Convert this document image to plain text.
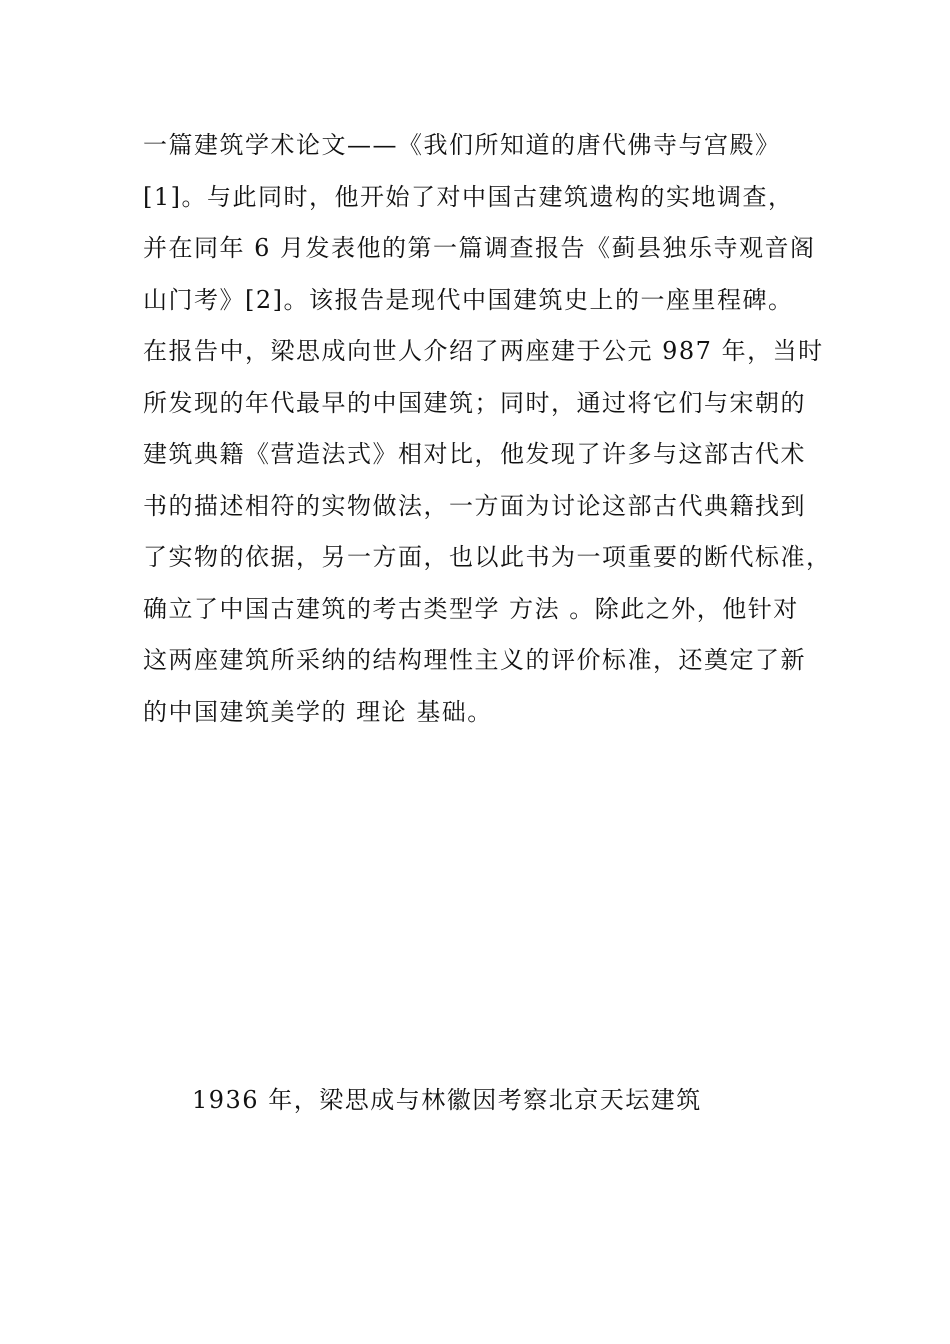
一篇建筑学术论文——《我们所知道的唐代佛寺与宫殿》
[1]。与此同时，他开始了对中国古建筑遗构的实地调查，
并在同年 6 月发表他的第一篇调查报告《蓟县独乐寺观音阁
山门考》[2]。该报告是现代中国建筑史上的一座里程碑。
在报告中，梁思成向世人介绍了两座建于公元 987 年，当时
所发现的年代最早的中国建筑；同时，通过将它们与宋朝的
建筑典籍《营造法式》相对比，他发现了许多与这部古代术
书的描述相符的实物做法，一方面为讨论这部古代典籍找到
了实物的依据，另一方面，也以此书为一项重要的断代标准，
确立了中国古建筑的考古类型学 方法 。除此之外，他针对
这两座建筑所采纳的结构理性主义的评价标准，还奠定了新
的中国建筑美学的 理论 基础。

1936 年，梁思成与林徽因考察北京天坛建筑
